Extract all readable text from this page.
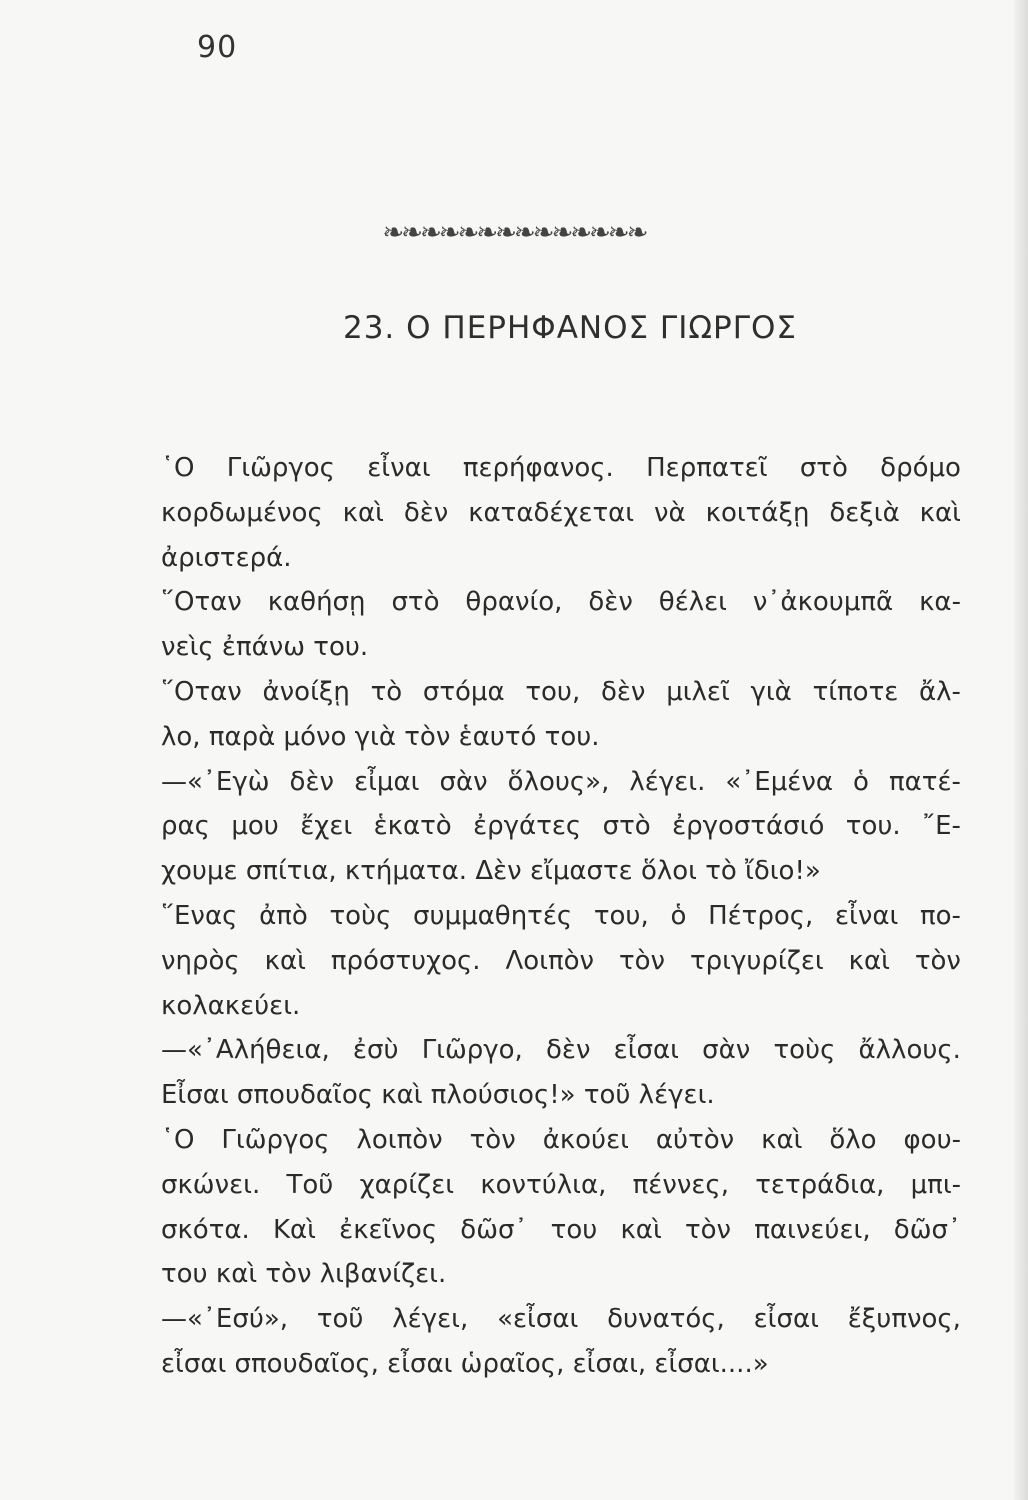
90
❧❧❧❧❧❧❧❧❧❧❧❧❧❧
23. Ο ΠΕΡΗΦΑΝΟΣ ΓΙΩΡΓΟΣ
῾Ο Γιῶργος εἶναι περήφανος. Περπατεῖ στὸ δρόμο
κορδωμένος καὶ δὲν καταδέχεται νὰ κοιτάξῃ δεξιὰ καὶ
ἀριστερά.
῞Οταν καθήσῃ στὸ θρανίο, δὲν θέλει ν᾿ἀκουμπᾶ κα-
νεὶς ἐπάνω του.
῞Οταν ἀνοίξῃ τὸ στόμα του, δὲν μιλεῖ γιὰ τίποτε ἄλ-
λο, παρὰ μόνο γιὰ τὸν ἑαυτό του.
—«᾿Εγὼ δὲν εἶμαι σὰν ὅλους», λέγει. «᾿Εμένα ὁ πατέ-
ρας μου ἔχει ἑκατὸ ἐργάτες στὸ ἐργοστάσιό του. ῎Ε-
χουμε σπίτια, κτήματα. Δὲν εἴμαστε ὅλοι τὸ ἴδιο!»
῞Ενας ἀπὸ τοὺς συμμαθητές του, ὁ Πέτρος, εἶναι πο-
νηρὸς καὶ πρόστυχος. Λοιπὸν τὸν τριγυρίζει καὶ τὸν
κολακεύει.
—«᾿Αλήθεια, ἐσὺ Γιῶργο, δὲν εἶσαι σὰν τοὺς ἄλλους.
Εἶσαι σπουδαῖος καὶ πλούσιος!» τοῦ λέγει.
῾Ο Γιῶργος λοιπὸν τὸν ἀκούει αὐτὸν καὶ ὅλο φου-
σκώνει. Τοῦ χαρίζει κοντύλια, πέννες, τετράδια, μπι-
σκότα. Καὶ ἐκεῖνος δῶσ᾿ του καὶ τὸν παινεύει, δῶσ᾿
του καὶ τὸν λιβανίζει.
—«᾿Εσύ», τοῦ λέγει, «εἶσαι δυνατός, εἶσαι ἔξυπνος,
εἶσαι σπουδαῖος, εἶσαι ὡραῖος, εἶσαι, εἶσαι....»
